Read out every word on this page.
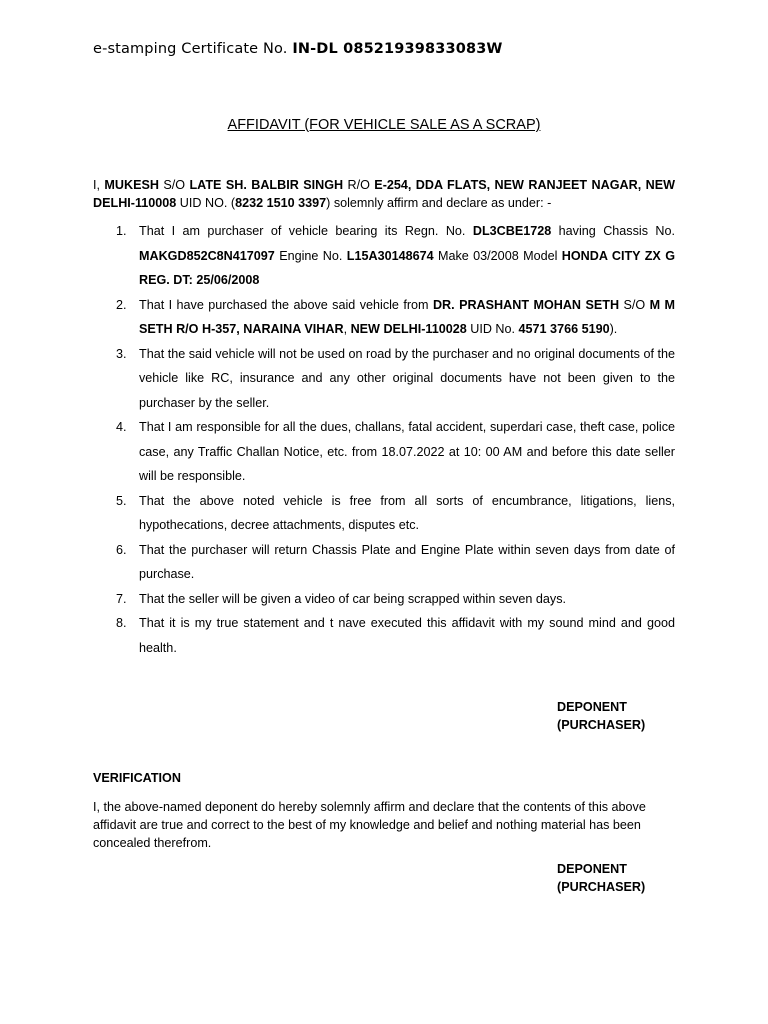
e-stamping Certificate No. IN-DL 08521939833083W
AFFIDAVIT (FOR VEHICLE SALE AS A SCRAP)
I, MUKESH S/O LATE SH. BALBIR SINGH R/O E-254, DDA FLATS, NEW RANJEET NAGAR, NEW DELHI-110008 UID NO. (8232 1510 3397) solemnly affirm and declare as under: -
1. That I am purchaser of vehicle bearing its Regn. No. DL3CBE1728 having Chassis No. MAKGD852C8N417097 Engine No. L15A30148674 Make 03/2008 Model HONDA CITY ZX G REG. DT: 25/06/2008
2. That I have purchased the above said vehicle from DR. PRASHANT MOHAN SETH S/O M M SETH R/O H-357, NARAINA VIHAR, NEW DELHI-110028 UID No. 4571 3766 5190).
3. That the said vehicle will not be used on road by the purchaser and no original documents of the vehicle like RC, insurance and any other original documents have not been given to the purchaser by the seller.
4. That I am responsible for all the dues, challans, fatal accident, superdari case, theft case, police case, any Traffic Challan Notice, etc. from 18.07.2022 at 10: 00 AM and before this date seller will be responsible.
5. That the above noted vehicle is free from all sorts of encumbrance, litigations, liens, hypothecations, decree attachments, disputes etc.
6. That the purchaser will return Chassis Plate and Engine Plate within seven days from date of purchase.
7. That the seller will be given a video of car being scrapped within seven days.
8. That it is my true statement and t nave executed this affidavit with my sound mind and good health.
DEPONENT
(PURCHASER)
VERIFICATION
I, the above-named deponent do hereby solemnly affirm and declare that the contents of this above affidavit are true and correct to the best of my knowledge and belief and nothing material has been concealed therefrom.
DEPONENT
(PURCHASER)
